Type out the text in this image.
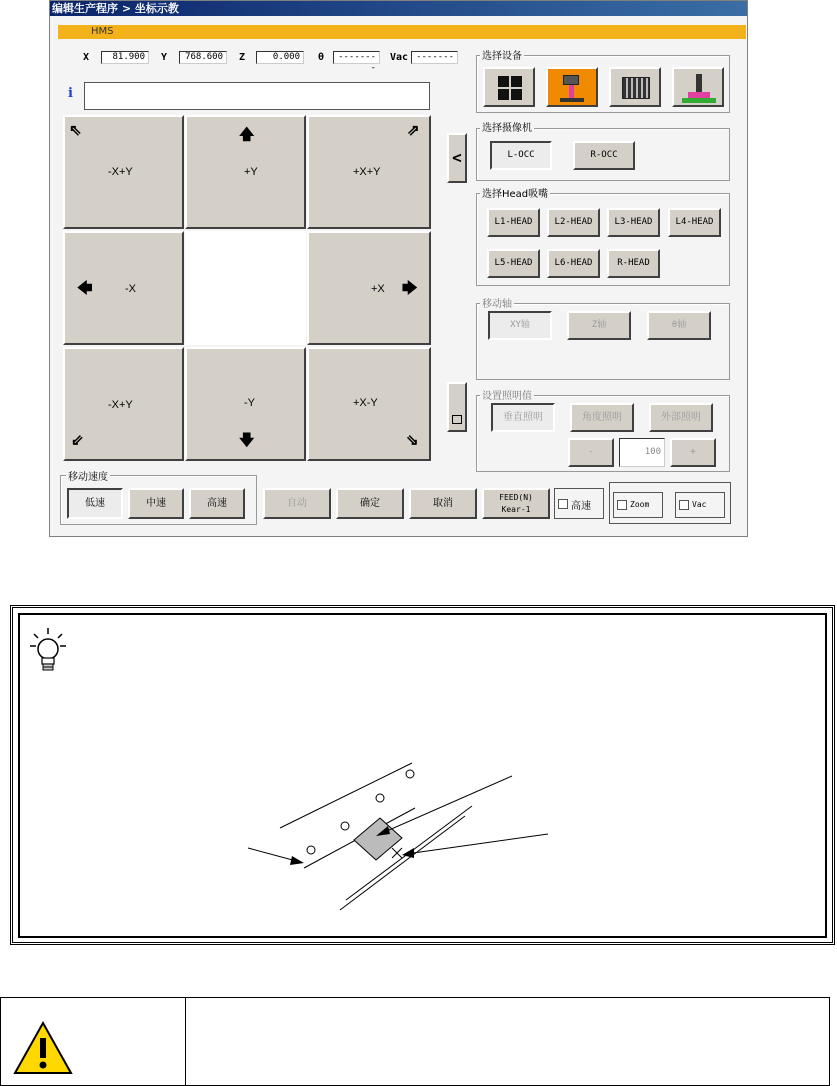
编辑生产程序 > 坐标示教
HMS
X	81.900	Y	768.600	Z	0.000	θ	--------
Vac -------
i
⇖
-X+Y
🡅
+Y
⇗
+X+Y
🡄	-X	+X 🡆
-X+Y
⇙
-Y
🡇
+X-Y
⇘
<
移动速度
低速	中速	高速	自动	确定	取消
FEED(N)
Kear-1	高速	Zoom	Vac
选择设备
选择摄像机
L-OCC	R-OCC
选择Head吸嘴
L1-HEAD	L2-HEAD	L3-HEAD	L4-HEAD
L5-HEAD	L6-HEAD	R-HEAD
移动轴
XY轴	Z轴	θ轴
设置照明值
垂直照明	角度照明	外部照明
-	100	+
